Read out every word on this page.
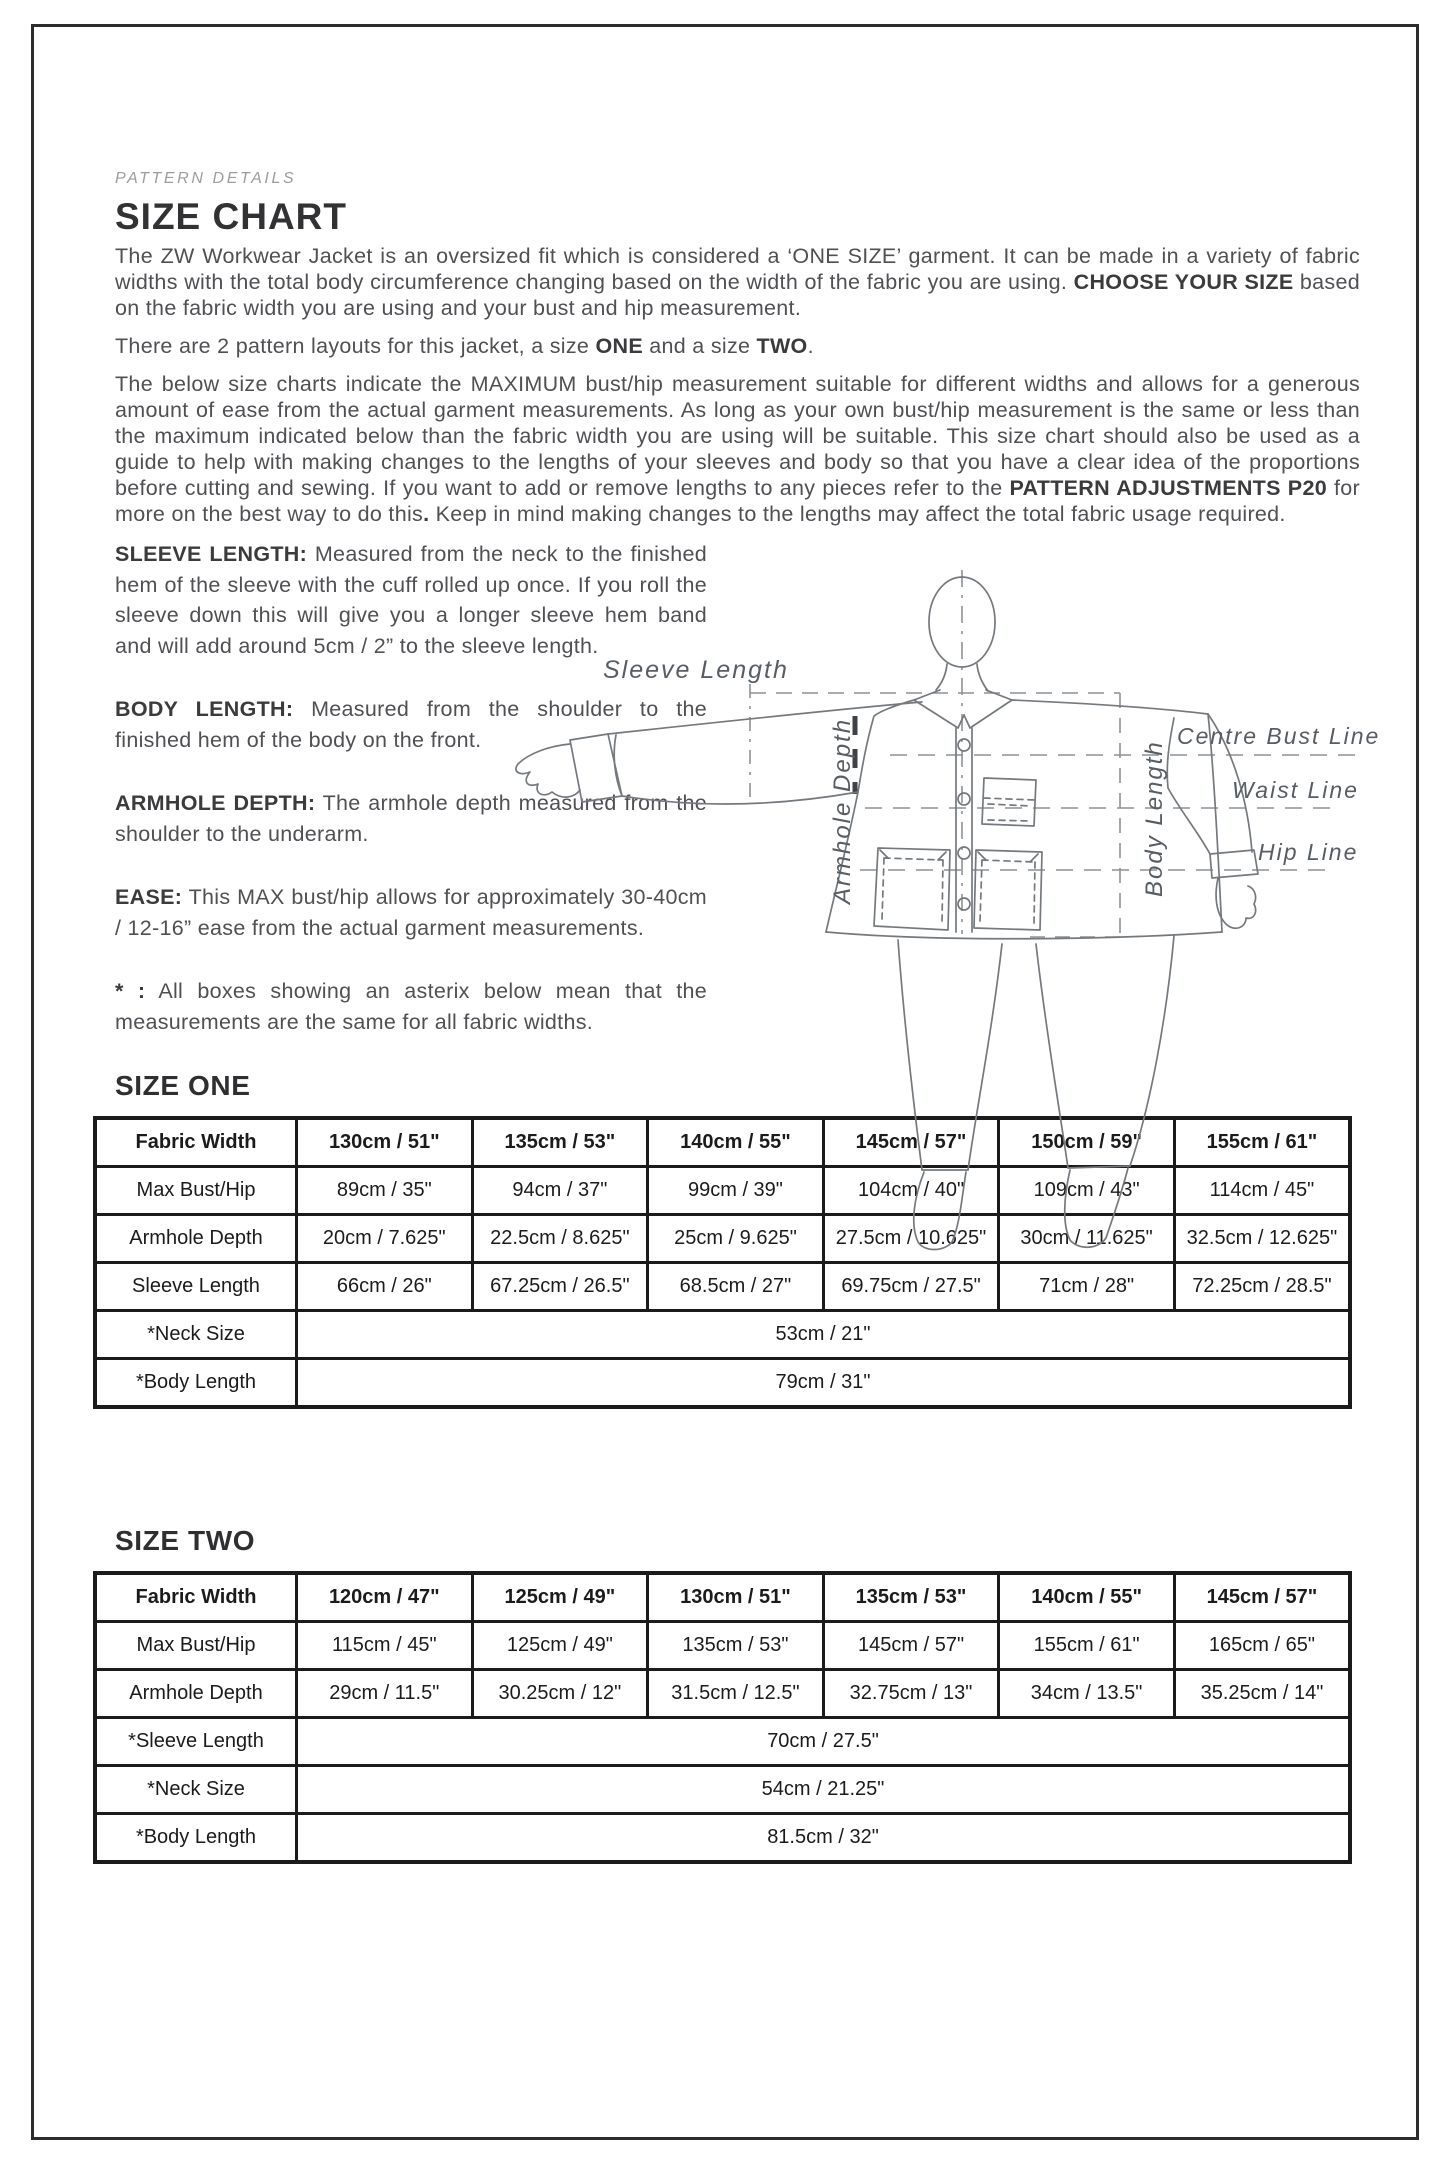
PATTERN DETAILS
SIZE CHART

The ZW Workwear Jacket is an oversized fit which is considered a ‘ONE SIZE’ garment. It can be made in a variety of fabric widths with the total body circumference changing based on the width of the fabric you are using. CHOOSE YOUR SIZE based on the fabric width you are using and your bust and hip measurement.

There are 2 pattern layouts for this jacket, a size ONE and a size TWO.

The below size charts indicate the MAXIMUM bust/hip measurement suitable for different widths and allows for a generous amount of ease from the actual garment measurements. As long as your own bust/hip measurement is the same or less than the maximum indicated below than the fabric width you are using will be suitable. This size chart should also be used as a guide to help with making changes to the lengths of your sleeves and body so that you have a clear idea of the proportions before cutting and sewing. If you want to add or remove lengths to any pieces refer to the PATTERN ADJUSTMENTS P20 for more on the best way to do this. Keep in mind making changes to the lengths may affect the total fabric usage required.

SLEEVE LENGTH: Measured from the neck to the finished hem of the sleeve with the cuff rolled up once. If you roll the sleeve down this will give you a longer sleeve hem band and will add around 5cm / 2” to the sleeve length.

BODY LENGTH: Measured from the shoulder to the finished hem of the body on the front.

ARMHOLE DEPTH: The armhole depth measured from the shoulder to the underarm.

EASE: This MAX bust/hip allows for approximately 30-40cm / 12-16” ease from the actual garment measurements.

* : All boxes showing an asterix below mean that the measurements are the same for all fabric widths.

SIZE ONE
Fabric Width	130cm / 51"	135cm / 53"	140cm / 55"	145cm / 57"	150cm / 59"	155cm / 61"
Max Bust/Hip	89cm / 35"	94cm / 37"	99cm / 39"	104cm / 40"	109cm / 43"	114cm / 45"
Armhole Depth	20cm / 7.625"	22.5cm / 8.625"	25cm / 9.625"	27.5cm / 10.625"	30cm / 11.625"	32.5cm / 12.625"
Sleeve Length	66cm / 26"	67.25cm / 26.5"	68.5cm / 27"	69.75cm / 27.5"	71cm / 28"	72.25cm / 28.5"
*Neck Size	53cm / 21"					
*Body Length	79cm / 31"					
SIZE TWO
Fabric Width	120cm / 47"	125cm / 49"	130cm / 51"	135cm / 53"	140cm / 55"	145cm / 57"
Max Bust/Hip	115cm / 45"	125cm / 49"	135cm / 53"	145cm / 57"	155cm / 61"	165cm / 65"
Armhole Depth	29cm / 11.5"	30.25cm / 12"	31.5cm / 12.5"	32.75cm / 13"	34cm / 13.5"	35.25cm / 14"
*Sleeve Length	70cm / 27.5"					
*Neck Size	54cm / 21.25"					
*Body Length	81.5cm / 32"					
Sleeve Length
Centre Bust Line
Waist Line
Hip Line
Armhole Depth	Body Length
